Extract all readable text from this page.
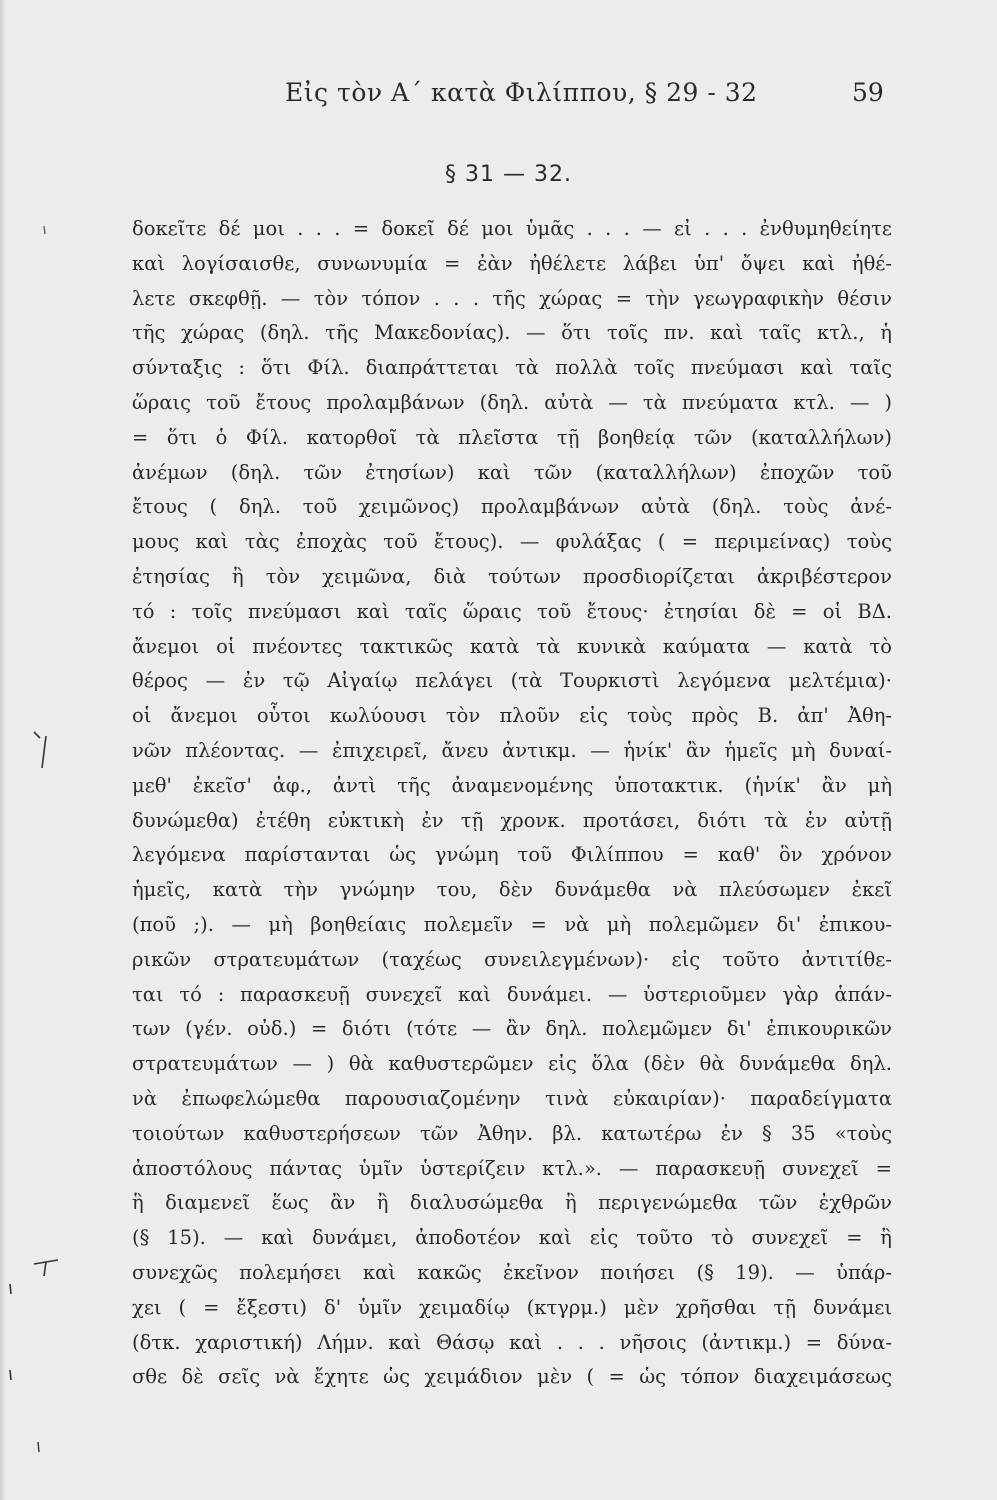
Εἰς τὸν Α΄ κατὰ Φιλίππου, § 29 - 32	59
§ 31 — 32.
δοκεῖτε δέ μοι . . . = δοκεῖ δέ μοι ὑμᾶς . . . — εἰ . . . ἐνθυμηθείητε
καὶ λογίσαισθε, συνωνυμία = ἐὰν ἠθέλετε λάβει ὑπ' ὄψει καὶ ἠθέ-
λετε σκεφθῇ. — τὸν τόπον . . . τῆς χώρας = τὴν γεωγραφικὴν θέσιν
τῆς χώρας (δηλ. τῆς Μακεδονίας). — ὅτι τοῖς πν. καὶ ταῖς κτλ., ἡ
σύνταξις : ὅτι Φίλ. διαπράττεται τὰ πολλὰ τοῖς πνεύμασι καὶ ταῖς
ὥραις τοῦ ἔτους προλαμβάνων (δηλ. αὐτὰ — τὰ πνεύματα κτλ. — )
= ὅτι ὁ Φίλ. κατορθοῖ τὰ πλεῖστα τῇ βοηθείᾳ τῶν (καταλλήλων)
ἀνέμων (δηλ. τῶν ἐτησίων) καὶ τῶν (καταλλήλων) ἐποχῶν τοῦ
ἔτους ( δηλ. τοῦ χειμῶνος) προλαμβάνων αὐτὰ (δηλ. τοὺς ἀνέ-
μους καὶ τὰς ἐποχὰς τοῦ ἔτους). — φυλάξας ( = περιμείνας) τοὺς
ἐτησίας ἢ τὸν χειμῶνα, διὰ τούτων προσδιορίζεται ἀκριβέστερον
τό : τοῖς πνεύμασι καὶ ταῖς ὥραις τοῦ ἔτους· ἐτησίαι δὲ = οἱ ΒΔ.
ἄνεμοι οἱ πνέοντες τακτικῶς κατὰ τὰ κυνικὰ καύματα — κατὰ τὸ
θέρος — ἐν τῷ Αἰγαίῳ πελάγει (τὰ Τουρκιστὶ λεγόμενα μελτέμια)·
οἱ ἄνεμοι οὗτοι κωλύουσι τὸν πλοῦν εἰς τοὺς πρὸς Β. ἀπ' Ἀθη-
νῶν πλέοντας. — ἐπιχειρεῖ, ἄνευ ἀντικμ. — ἡνίκ' ἂν ἡμεῖς μὴ δυναί-
μεθ' ἐκεῖσ' ἀφ., ἀντὶ τῆς ἀναμενομένης ὑποτακτικ. (ἡνίκ' ἂν μὴ
δυνώμεθα) ἐτέθη εὐκτικὴ ἐν τῇ χρονκ. προτάσει, διότι τὰ ἐν αὐτῇ
λεγόμενα παρίστανται ὡς γνώμη τοῦ Φιλίππου = καθ' ὃν χρόνον
ἡμεῖς, κατὰ τὴν γνώμην του, δὲν δυνάμεθα νὰ πλεύσωμεν ἐκεῖ
(ποῦ ;). — μὴ βοηθείαις πολεμεῖν = νὰ μὴ πολεμῶμεν δι' ἐπικου-
ρικῶν στρατευμάτων (ταχέως συνειλεγμένων)· εἰς τοῦτο ἀντιτίθε-
ται τό : παρασκευῇ συνεχεῖ καὶ δυνάμει. — ὑστεριοῦμεν γὰρ ἁπάν-
των (γέν. οὐδ.) = διότι (τότε — ἂν δηλ. πολεμῶμεν δι' ἐπικουρικῶν
στρατευμάτων — ) θὰ καθυστερῶμεν εἰς ὅλα (δὲν θὰ δυνάμεθα δηλ.
νὰ ἐπωφελώμεθα παρουσιαζομένην τινὰ εὐκαιρίαν)· παραδείγματα
τοιούτων καθυστερήσεων τῶν Ἀθην. βλ. κατωτέρω ἐν § 35 «τοὺς
ἀποστόλους πάντας ὑμῖν ὑστερίζειν κτλ.». — παρασκευῇ συνεχεῖ =
ἣ διαμενεῖ ἕως ἂν ἢ διαλυσώμεθα ἢ περιγενώμεθα τῶν ἐχθρῶν
(§ 15). — καὶ δυνάμει, ἀποδοτέον καὶ εἰς τοῦτο τὸ συνεχεῖ = ἣ
συνεχῶς πολεμήσει καὶ κακῶς ἐκεῖνον ποιήσει (§ 19). — ὑπάρ-
χει ( = ἔξεστι) δ' ὑμῖν χειμαδίῳ (κτγρμ.) μὲν χρῆσθαι τῇ δυνάμει
(δτκ. χαριστική) Λήμν. καὶ Θάσῳ καὶ . . . νῆσοις (ἀντικμ.) = δύνα-
σθε δὲ σεῖς νὰ ἔχητε ὡς χειμάδιον μὲν ( = ὡς τόπον διαχειμάσεως
